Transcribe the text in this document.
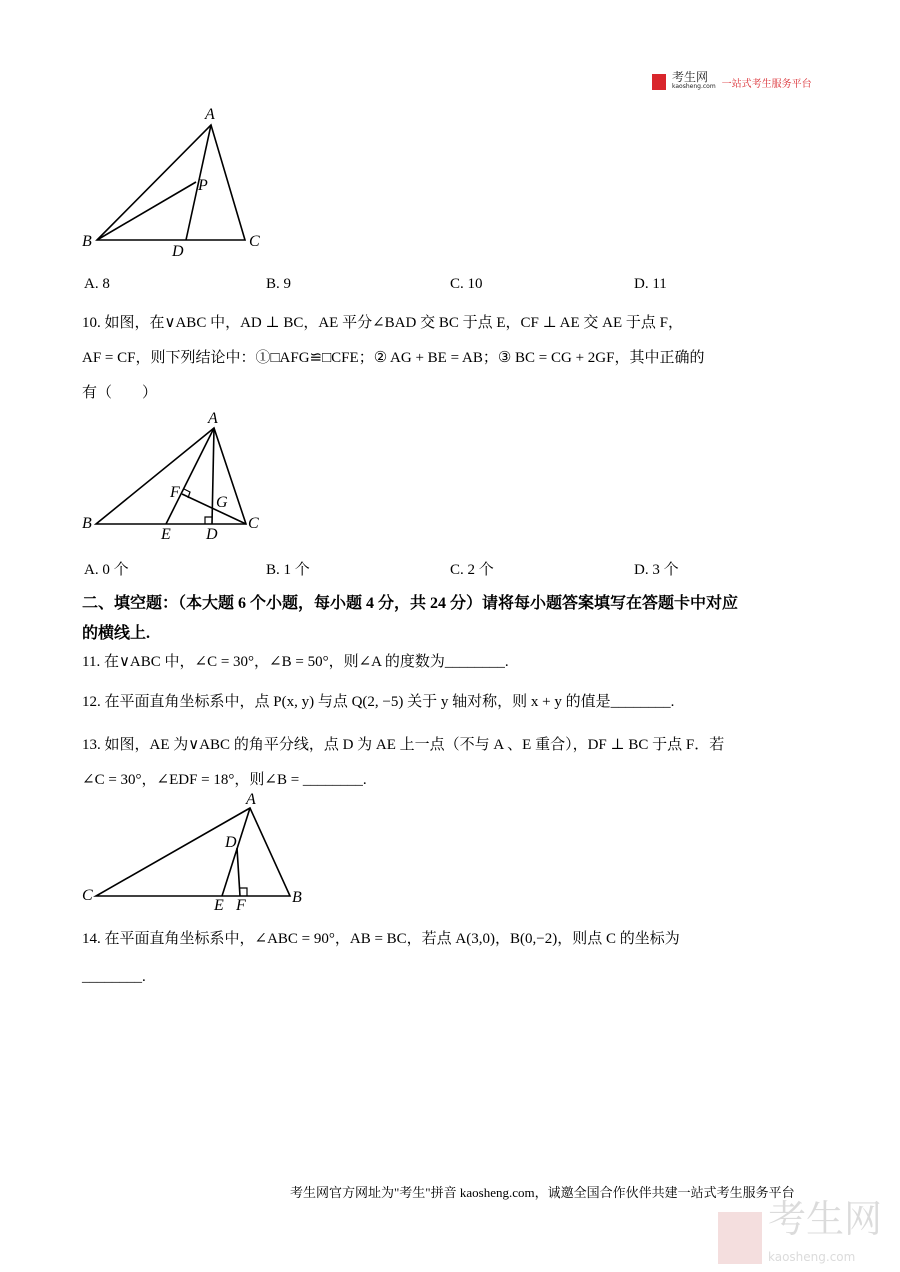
考生网
kaosheng.com 一站式考生服务平台
A
P
B
D
C
A. 8	B. 9	C. 10	D. 11
10. 如图，在∨ABC 中，AD ⊥ BC，AE 平分∠BAD 交 BC 于点 E，CF ⊥ AE 交 AE 于点 F，
AF = CF，则下列结论中：①□AFG≌□CFE；② AG + BE = AB；③ BC = CG + 2GF，其中正确的
有（　　）
A
F
G
B
E D
C
A. 0 个	B. 1 个	C. 2 个	D. 3 个
二、填空题：（本大题 6 个小题，每小题 4 分，共 24 分）请将每小题答案填写在答题卡中对应
的横线上.
11. 在∨ABC 中，∠C = 30°，∠B = 50°，则∠A 的度数为________.
12. 在平面直角坐标系中，点 P(x, y) 与点 Q(2, −5) 关于 y 轴对称，则 x + y 的值是________.
13. 如图，AE 为∨ABC 的角平分线，点 D 为 AE 上一点（不与 A 、E 重合），DF ⊥ BC 于点 F．若
∠C = 30°，∠EDF = 18°，则∠B = ________.
A
D
C
E F	B
14. 在平面直角坐标系中，∠ABC = 90°，AB = BC，若点 A(3,0)，B(0,−2)，则点 C 的坐标为
________.
考生网官方网址为"考生"拼音 kaosheng.com，诚邀全国合作伙伴共建一站式考生服务平台
考生网
kaosheng.com
